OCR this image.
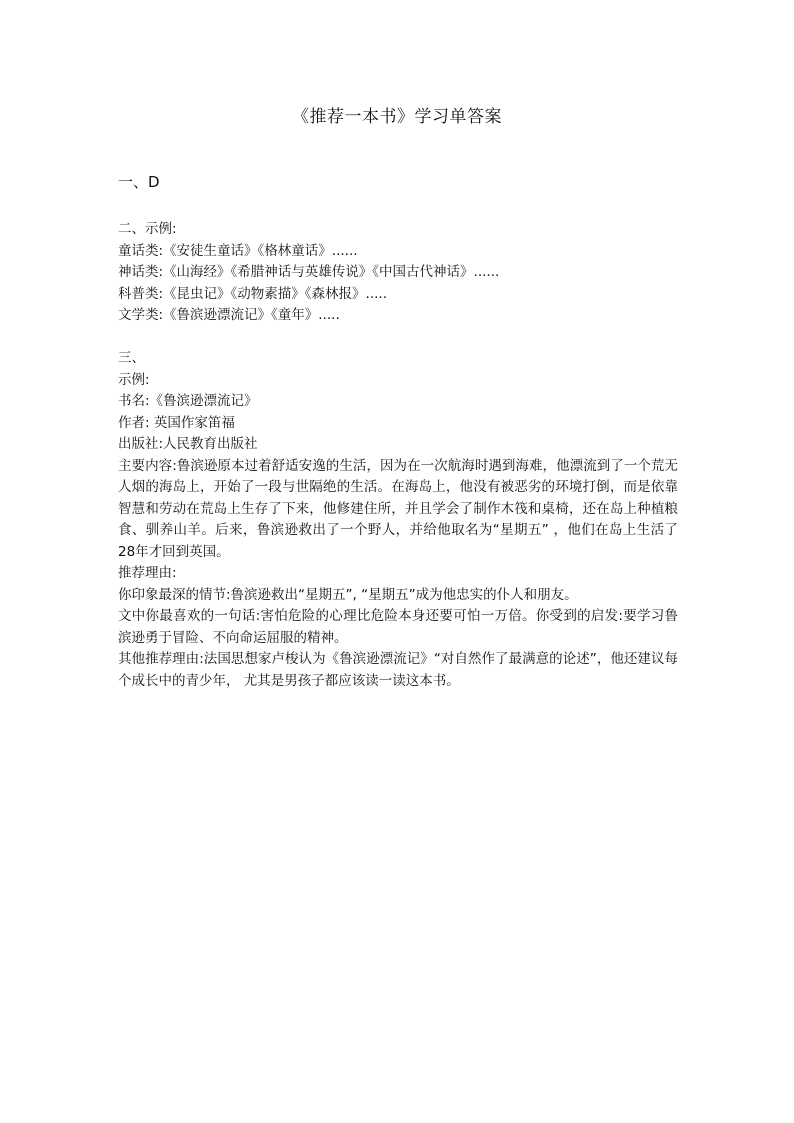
《推荐一本书》学习单答案
一、D
二、示例:
童话类:《安徒生童话》《格林童话》......
神话类:《山海经》《希腊神话与英雄传说》《中国古代神话》......
科普类:《昆虫记》《动物素描》《森林报》.....
文学类:《鲁滨逊漂流记》《童年》.....
三、
示例:
书名:《鲁滨逊漂流记》
作者: 英国作家笛福
出版社:人民教育出版社
主要内容:鲁滨逊原本过着舒适安逸的生活，因为在一次航海时遇到海难，他漂流到了一个荒无人烟的海岛上，开始了一段与世隔绝的生活。在海岛上，他没有被恶劣的环境打倒，而是依靠智慧和劳动在荒岛上生存了下来，他修建住所，并且学会了制作木筏和桌椅，还在岛上种植粮食、驯养山羊。后来，鲁滨逊救出了一个野人，并给他取名为“星期五” ，他们在岛上生活了 28年才回到英国。
推荐理由:
你印象最深的情节:鲁滨逊救出“星期五”, “星期五”成为他忠实的仆人和朋友。
文中你最喜欢的一句话:害怕危险的心理比危险本身还要可怕一万倍。你受到的启发:要学习鲁滨逊勇于冒险、不向命运屈服的精神。
其他推荐理由:法国思想家卢梭认为《鲁滨逊漂流记》“对自然作了最满意的论述”，他还建议每个成长中的青少年， 尤其是男孩子都应该读一读这本书。
